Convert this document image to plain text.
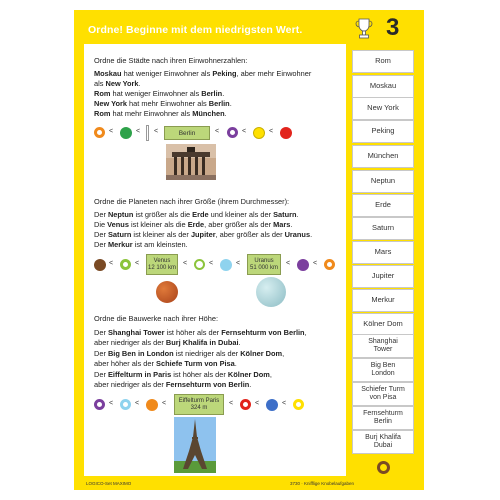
Ordne! Beginne mit dem niedrigsten Wert.	3
Ordne die Städte nach ihren Einwohnerzahlen:
Moskau hat weniger Einwohner als Peking, aber mehr Einwohner
als New York.
Rom hat weniger Einwohner als Berlin.
New York hat mehr Einwohner als Berlin.
Rom hat mehr Einwohner als München.
<	< <	Berlin	<	<	<
Ordne die Planeten nach ihrer Größe (ihrem Durchmesser):
Der Neptun ist größer als die Erde und kleiner als der Saturn.
Die Venus ist kleiner als die Erde, aber größer als der Mars.
Der Saturn ist kleiner als der Jupiter, aber größer als der Uranus.
Der Merkur ist am kleinsten.
<	<	Venus
12 100 km
<	<	<	Uranus
51 000 km
<	<
Ordne die Bauwerke nach ihrer Höhe:
Der Shanghai Tower ist höher als der Fernsehturm von Berlin,
aber niedriger als der Burj Khalifa in Dubai.
Der Big Ben in London ist niedriger als der Kölner Dom,
aber höher als der Schiefe Turm von Pisa.
Der Eiffelturm in Paris ist höher als der Kölner Dom,
aber niedriger als der Fernsehturm von Berlin.
<	<	< Eiffelturm Paris
324 m
<	<	<
Rom
Moskau
New York
Peking
München
Neptun
Erde
Saturn
Mars
Jupiter
Merkur
Kölner Dom
Shanghai Tower
Big Ben London
Schiefer Turm von Pisa
Fernsehturm Berlin
Burj Khalifa Dubai
LOGICO-Set MAXIMO	3730 · Knifflige Knobelaufgaben
